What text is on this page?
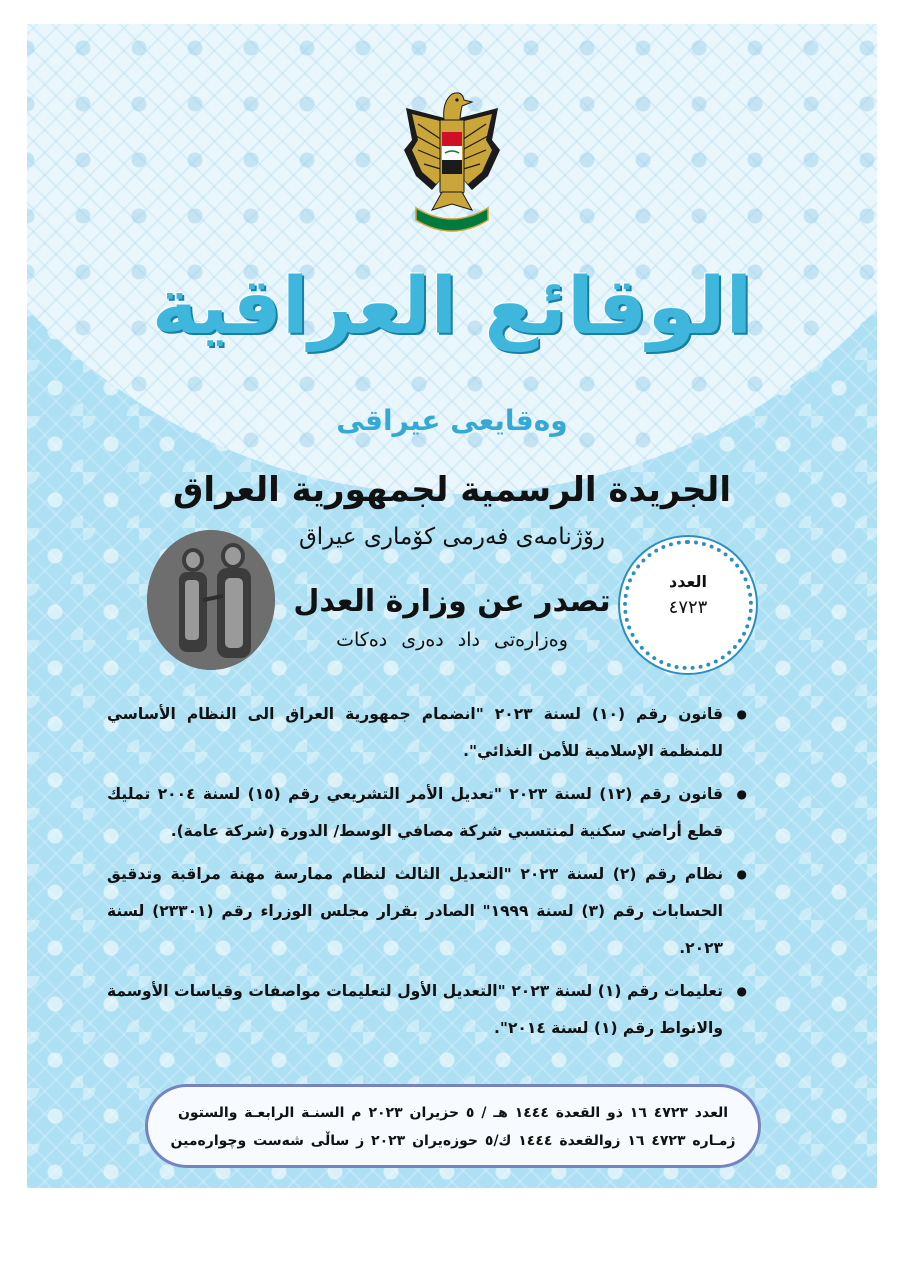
الوقائع العراقية

وەقايعی عيراقی

الجريدة الرسمية لجمهورية العراق

رۆژنامەی فەرمی كۆماری عيراق

تصدر عن وزارة العدل

وەزارەتی داد دەری دەكات

العدد
٤٧٢٣
● قانون رقم (١٠) لسنة ٢٠٢٣ "انضمام جمهورية العراق الى النظام الأساسي للمنظمة الإسلامية للأمن الغذائي".
● قانون رقم (١٢) لسنة ٢٠٢٣ "تعديل الأمر التشريعي رقم (١٥) لسنة ٢٠٠٤ تمليك قطع أراضي سكنية لمنتسبي شركة مصافي الوسط/ الدورة (شركة عامة).
● نظام رقم (٢) لسنة ٢٠٢٣ "التعديل الثالث لنظام ممارسة مهنة مراقبة وتدقيق الحسابات رقم (٣) لسنة ١٩٩٩" الصادر بقرار مجلس الوزراء رقم (٢٣٣٠١) لسنة ٢٠٢٣.
● تعليمات رقم (١) لسنة ٢٠٢٣ "التعديل الأول لتعليمات مواصفات وقياسات الأوسمة والانواط رقم (١) لسنة ٢٠١٤".
العدد ٤٧٢٣ ١٦ ذو القعدة ١٤٤٤ هـ / ٥ حزيران ٢٠٢٣ م السنـة الرابعـة والستون
ژمـاره ٤٧٢٣ ١٦ زوالقعدة ١٤٤٤ ك/٥ حوزەيران ٢٠٢٣ ز ساڵی شەست وچوارەمين
